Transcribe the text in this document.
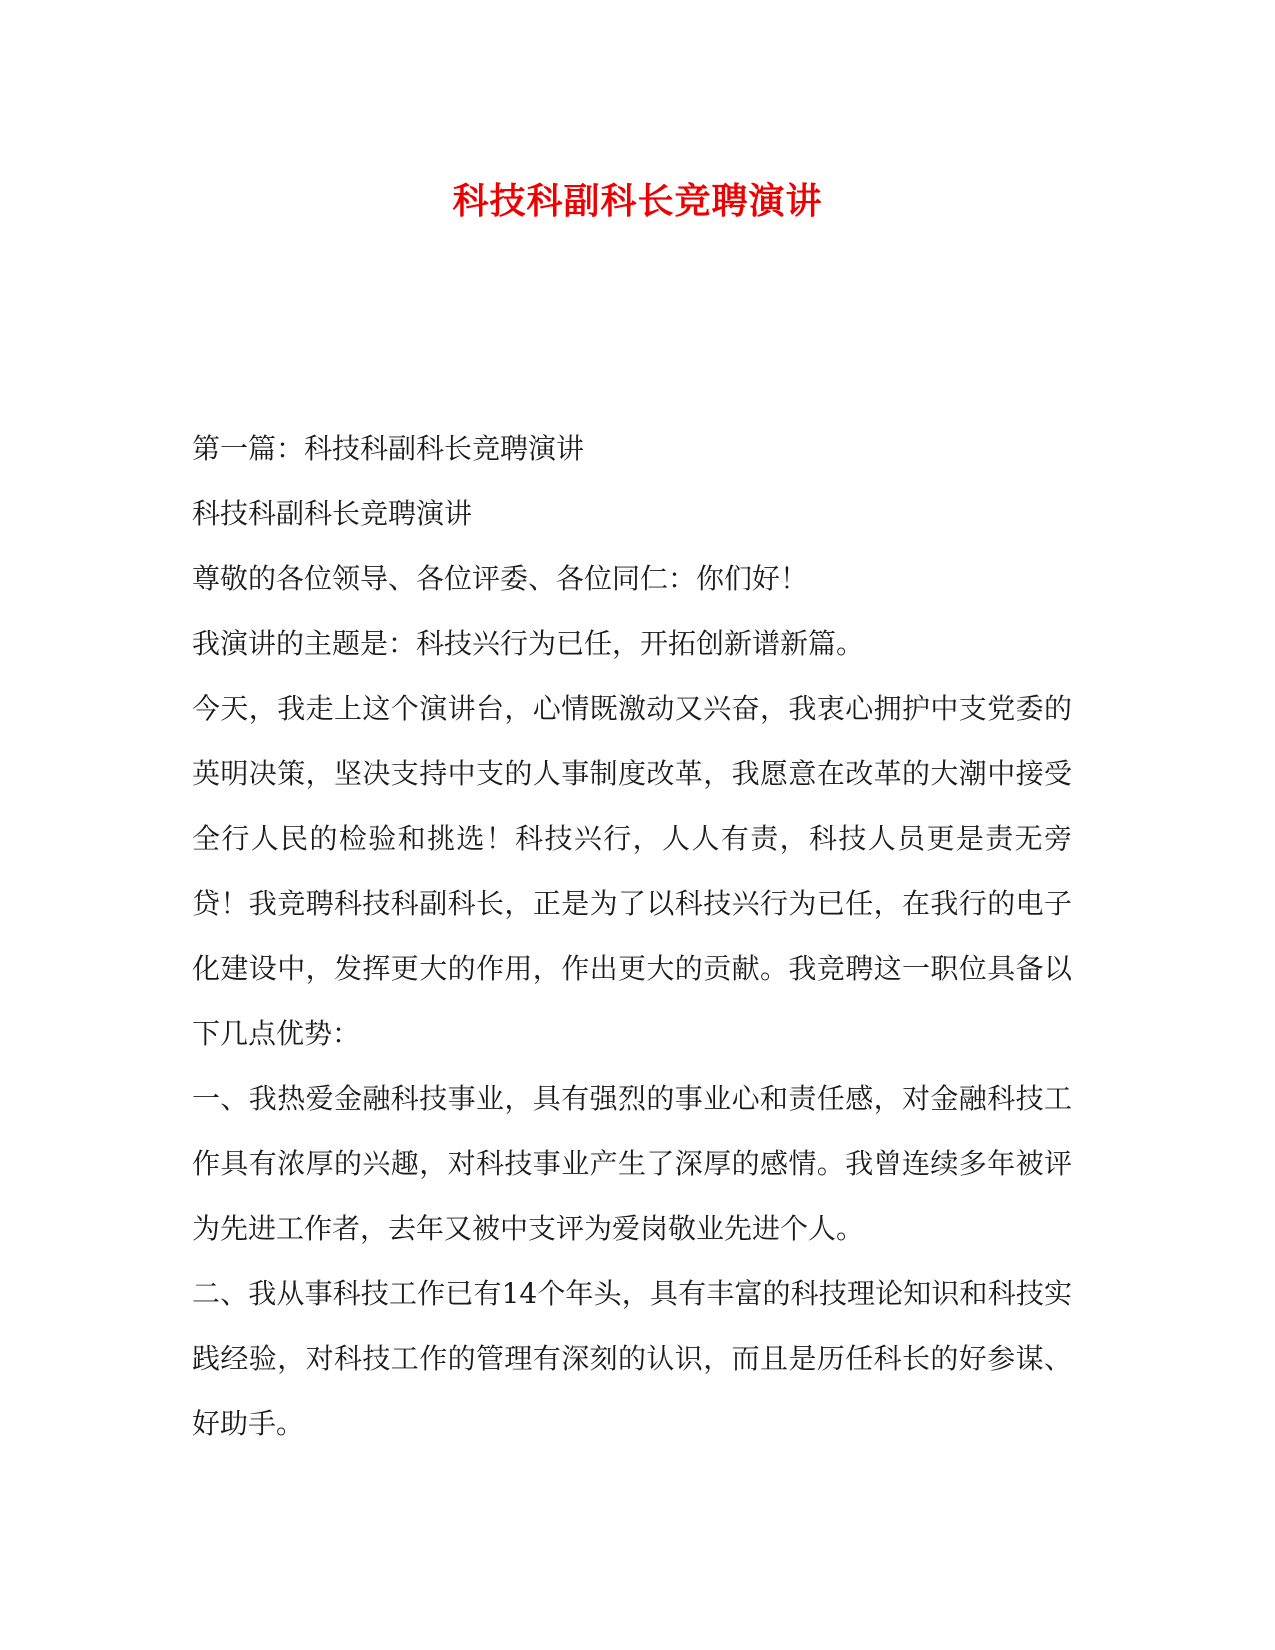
科技科副科长竞聘演讲

第一篇：科技科副科长竞聘演讲

科技科副科长竞聘演讲

尊敬的各位领导、各位评委、各位同仁：你们好！

我演讲的主题是：科技兴行为已任，开拓创新谱新篇。

今天，我走上这个演讲台，心情既激动又兴奋，我衷心拥护中支党委的英明决策，坚决支持中支的人事制度改革，我愿意在改革的大潮中接受全行人民的检验和挑选！科技兴行，人人有责，科技人员更是责无旁贷！我竞聘科技科副科长，正是为了以科技兴行为已任，在我行的电子化建设中，发挥更大的作用，作出更大的贡献。我竞聘这一职位具备以下几点优势：

一、我热爱金融科技事业，具有强烈的事业心和责任感，对金融科技工作具有浓厚的兴趣，对科技事业产生了深厚的感情。我曾连续多年被评为先进工作者，去年又被中支评为爱岗敬业先进个人。

二、我从事科技工作已有14个年头，具有丰富的科技理论知识和科技实践经验，对科技工作的管理有深刻的认识，而且是历任科长的好参谋、好助手。
